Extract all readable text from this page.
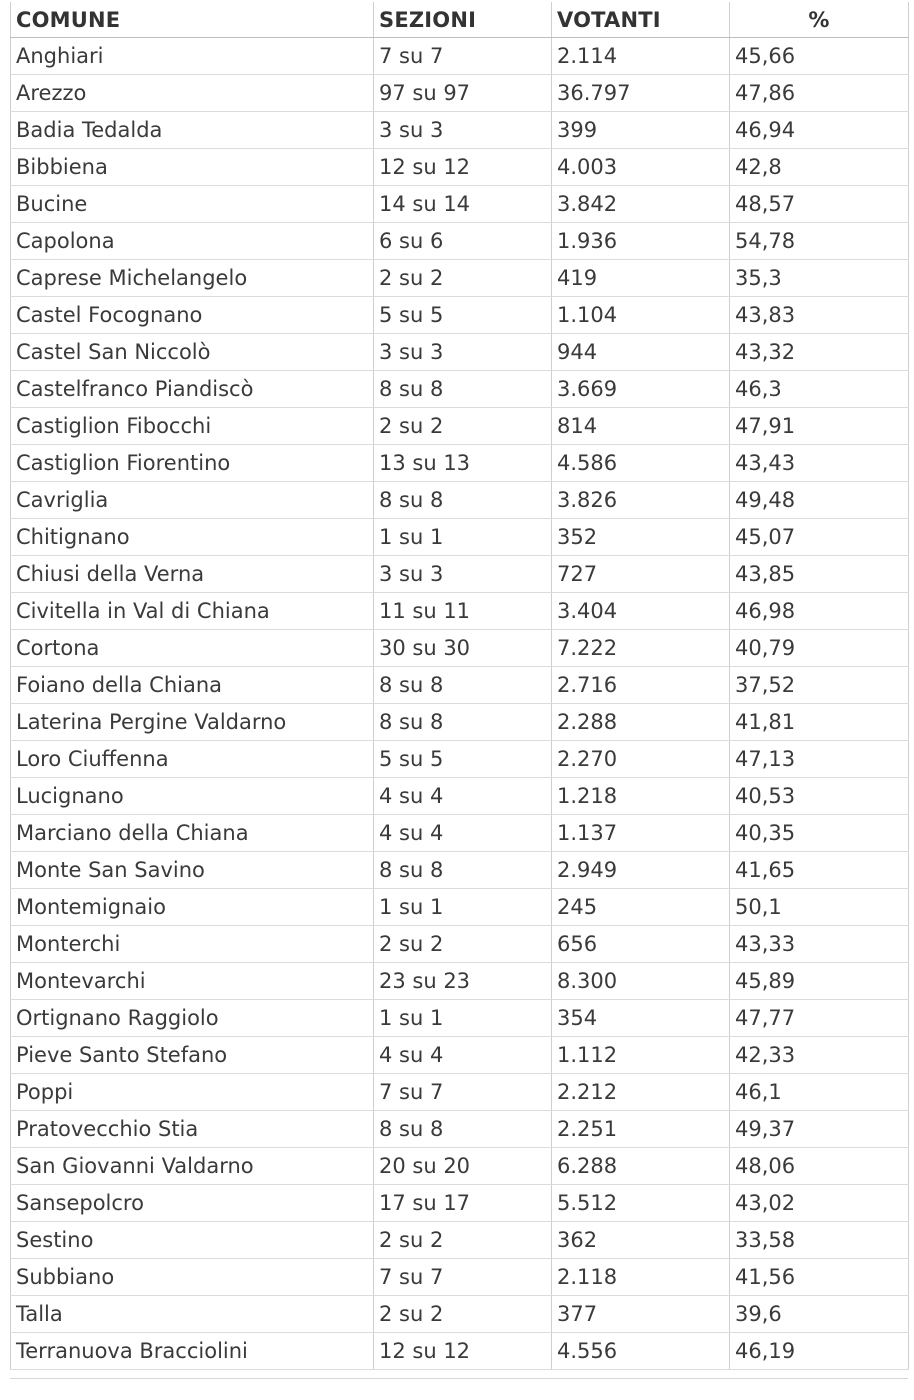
COMUNE	SEZIONI	VOTANTI	%
Anghiari	7 su 7	2.114	45,66
Arezzo	97 su 97	36.797	47,86
Badia Tedalda	3 su 3	399	46,94
Bibbiena	12 su 12	4.003	42,8
Bucine	14 su 14	3.842	48,57
Capolona	6 su 6	1.936	54,78
Caprese Michelangelo	2 su 2	419	35,3
Castel Focognano	5 su 5	1.104	43,83
Castel San Niccolò	3 su 3	944	43,32
Castelfranco Piandiscò	8 su 8	3.669	46,3
Castiglion Fibocchi	2 su 2	814	47,91
Castiglion Fiorentino	13 su 13	4.586	43,43
Cavriglia	8 su 8	3.826	49,48
Chitignano	1 su 1	352	45,07
Chiusi della Verna	3 su 3	727	43,85
Civitella in Val di Chiana	11 su 11	3.404	46,98
Cortona	30 su 30	7.222	40,79
Foiano della Chiana	8 su 8	2.716	37,52
Laterina Pergine Valdarno	8 su 8	2.288	41,81
Loro Ciuffenna	5 su 5	2.270	47,13
Lucignano	4 su 4	1.218	40,53
Marciano della Chiana	4 su 4	1.137	40,35
Monte San Savino	8 su 8	2.949	41,65
Montemignaio	1 su 1	245	50,1
Monterchi	2 su 2	656	43,33
Montevarchi	23 su 23	8.300	45,89
Ortignano Raggiolo	1 su 1	354	47,77
Pieve Santo Stefano	4 su 4	1.112	42,33
Poppi	7 su 7	2.212	46,1
Pratovecchio Stia	8 su 8	2.251	49,37
San Giovanni Valdarno	20 su 20	6.288	48,06
Sansepolcro	17 su 17	5.512	43,02
Sestino	2 su 2	362	33,58
Subbiano	7 su 7	2.118	41,56
Talla	2 su 2	377	39,6
Terranuova Bracciolini	12 su 12	4.556	46,19
